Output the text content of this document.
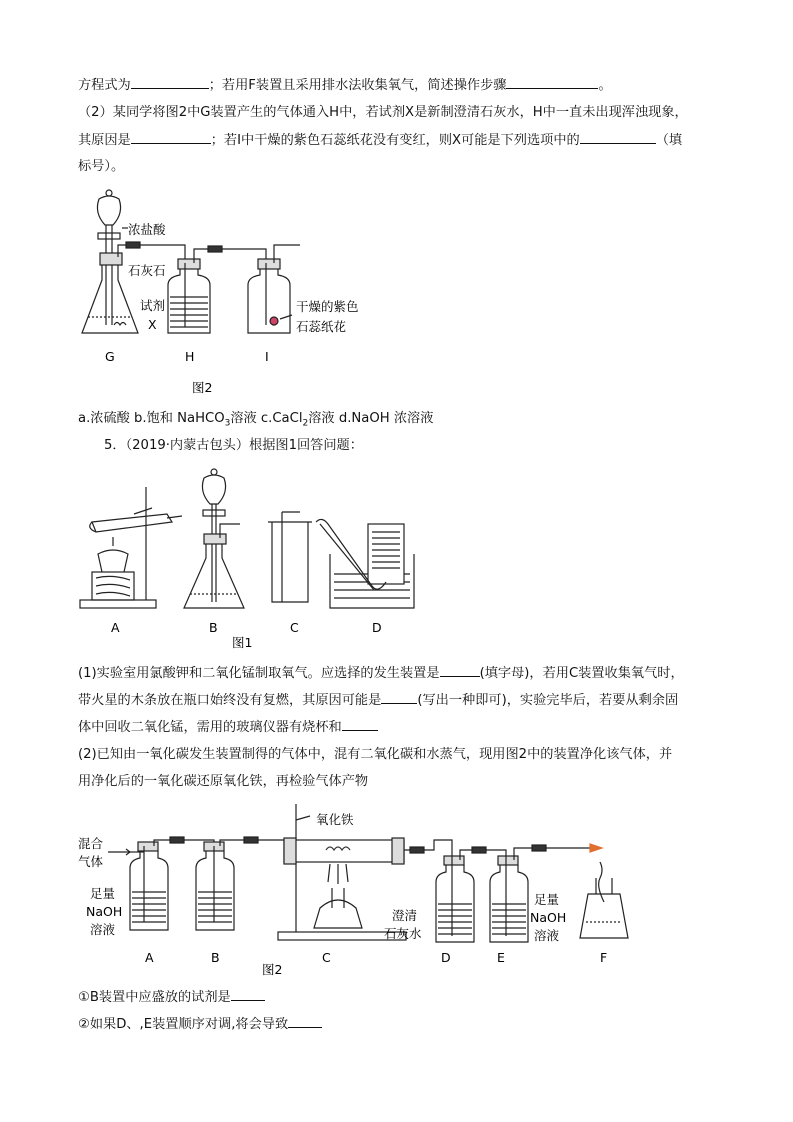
方程式为	；若用F装置且采用排水法收集氧气，简述操作步骤	。
（2）某同学将图2中G装置产生的气体通入H中，若试剂X是新制澄清石灰水，H中一直未出现浑浊现象，
其原因是	；若I中干燥的紫色石蕊纸花没有变红，则X可能是下列选项中的	（填
标号）。
浓盐酸
石灰石
试剂
X
干燥的紫色
石蕊纸花
G	H	I
图2
a.浓硫酸 b.饱和 NaHCO$_3$溶液 c.CaCl$_2$溶液 d.NaOH 浓溶液
5．（2019·内蒙古包头）根据图1回答问题：
A	B	C	D
图1
(1)实验室用氯酸钾和二氧化锰制取氧气。应选择的发生装置是	(填字母)，若用C装置收集氧气时，
带火星的木条放在瓶口始终没有复燃，其原因可能是	(写出一种即可)，实验完毕后，若要从剩余固
体中回收二氧化锰，需用的玻璃仪器有烧杯和
(2)已知由一氧化碳发生装置制得的气体中，混有二氧化碳和水蒸气，现用图2中的装置净化该气体，并
用净化后的一氧化碳还原氧化铁，再检验气体产物
混合
气体
足量
NaOH
溶液
氧化铁
澄清
石灰水
足量
NaOH
溶液
A	B	C	D	E	F
图2
①B装置中应盛放的试剂是
②如果D、,E装置顺序对调,将会导致
